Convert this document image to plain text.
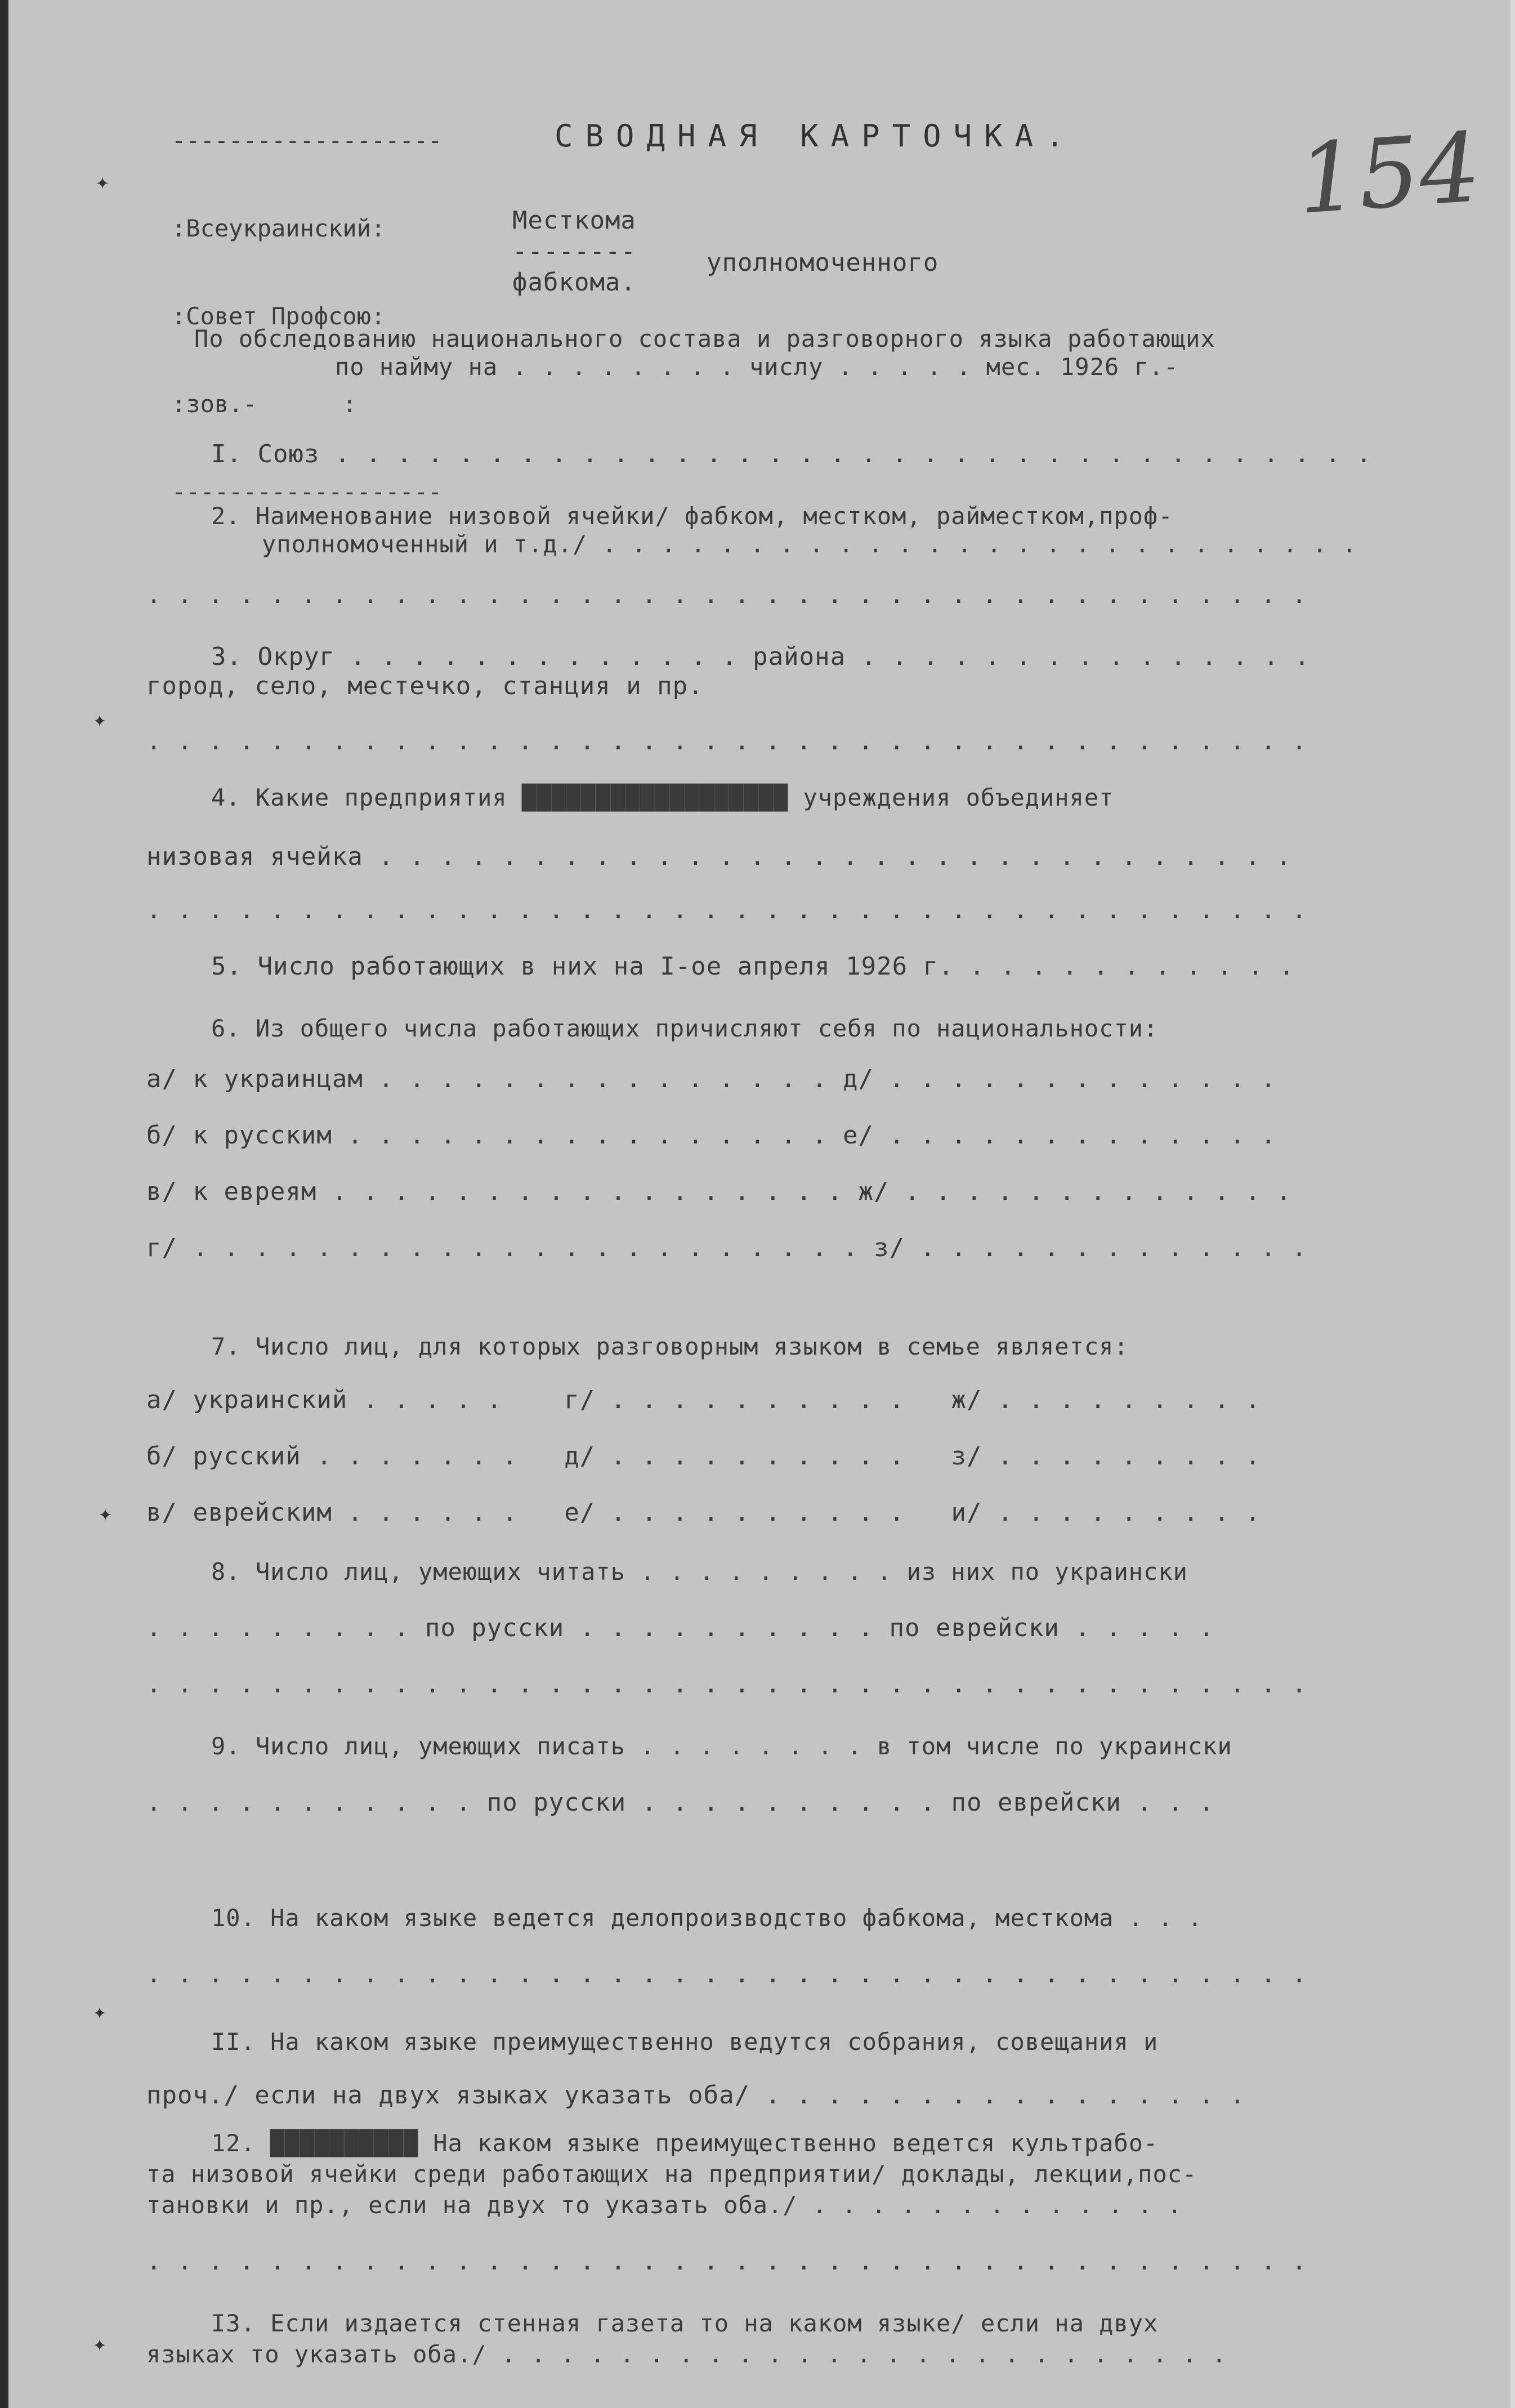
-------------------

:Всеукраинский:

:Совет Профсою:

:зов.-      :

-------------------

СВОДНАЯ КАРТОЧКА. 154
Месткома
--------	уполномоченного
фабкома.
По обследованию национального состава и разговорного языка работающих
по найму на . . . . . . . . числу . . . . . мес. 1926 г.-
I. Союз . . . . . . . . . . . . . . . . . . . . . . . . . . . . . . . . . .
2. Наименование низовой ячейки/ фабком, местком, райместком,проф-
уполномоченный и т.д./ . . . . . . . . . . . . . . . . . . . . . . . . . .
. . . . . . . . . . . . . . . . . . . . . . . . . . . . . . . . . . . . . .
3. Округ . . . . . . . . . . . . . района . . . . . . . . . . . . . . .
город, село, местечко, станция и пр.
. . . . . . . . . . . . . . . . . . . . . . . . . . . . . . . . . . . . . .
4. Какие предприятия ██████████████████ учреждения объединяет
низовая ячейка . . . . . . . . . . . . . . . . . . . . . . . . . . . . . .
. . . . . . . . . . . . . . . . . . . . . . . . . . . . . . . . . . . . . .
5. Число работающих в них на I-ое апреля 1926 г. . . . . . . . . . . .
6. Из общего числа работающих причисляют себя по национальности:
а/ к украинцам . . . . . . . . . . . . . . . д/ . . . . . . . . . . . . .
б/ к русским . . . . . . . . . . . . . . . . е/ . . . . . . . . . . . . .
в/ к евреям . . . . . . . . . . . . . . . . . ж/ . . . . . . . . . . . . .
г/ . . . . . . . . . . . . . . . . . . . . . . з/ . . . . . . . . . . . . .
7. Число лиц, для которых разговорным языком в семье является:
а/ украинский . . . . .    г/ . . . . . . . . . .   ж/ . . . . . . . . .
б/ русский . . . . . . .   д/ . . . . . . . . . .   з/ . . . . . . . . .
в/ еврейским . . . . . .   е/ . . . . . . . . . .   и/ . . . . . . . . .
8. Число лиц, умеющих читать . . . . . . . . . из них по украински
. . . . . . . . . по русски . . . . . . . . . . по еврейски . . . . .
. . . . . . . . . . . . . . . . . . . . . . . . . . . . . . . . . . . . . .
9. Число лиц, умеющих писать . . . . . . . . в том числе по украински
. . . . . . . . . . . по русски . . . . . . . . . . по еврейски . . .
10. На каком языке ведется делопроизводство фабкома, месткома . . .
. . . . . . . . . . . . . . . . . . . . . . . . . . . . . . . . . . . . . .
II. На каком языке преимущественно ведутся собрания, совещания и
проч./ если на двух языках указать оба/ . . . . . . . . . . . . . . . .
12. ██████████ На каком языке преимущественно ведется культрабо-
та низовой ячейки среди работающих на предприятии/ доклады, лекции,пос-
тановки и пр., если на двух то указать оба./ . . . . . . . . . . . . .
. . . . . . . . . . . . . . . . . . . . . . . . . . . . . . . . . . . . . .
I3. Если издается стенная газета то на каком языке/ если на двух
языках то указать оба./ . . . . . . . . . . . . . . . . . . . . . . . . .
✦
✦
✦
✦
✦
